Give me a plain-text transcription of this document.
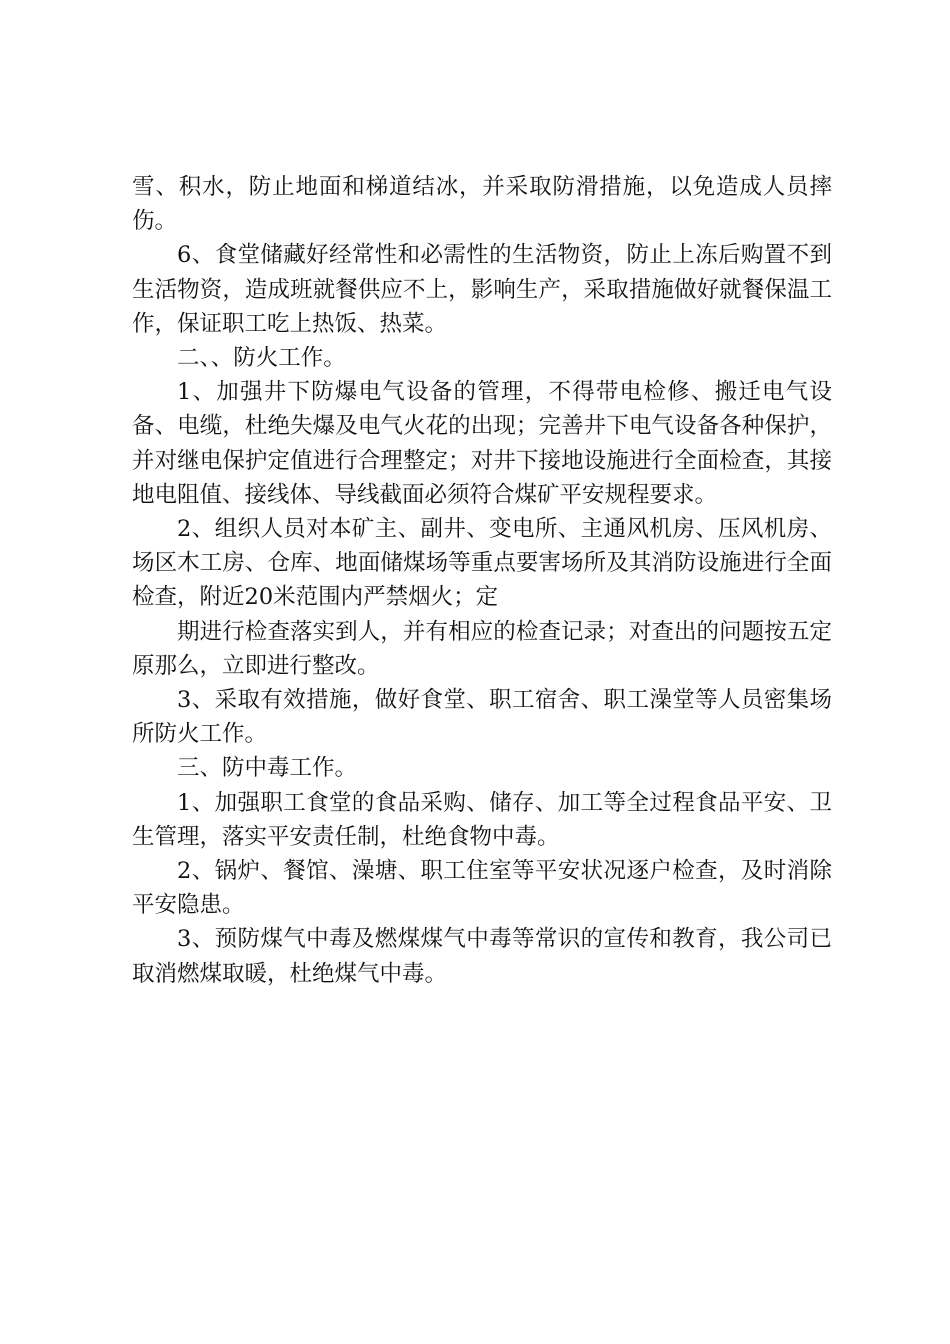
雪、积水，防止地面和梯道结冰，并采取防滑措施，以免造成人员摔伤。

6、食堂储藏好经常性和必需性的生活物资，防止上冻后购置不到生活物资，造成班就餐供应不上，影响生产，采取措施做好就餐保温工作，保证职工吃上热饭、热菜。

二、、防火工作。

1、加强井下防爆电气设备的管理，不得带电检修、搬迁电气设备、电缆，杜绝失爆及电气火花的出现；完善井下电气设备各种保护，并对继电保护定值进行合理整定；对井下接地设施进行全面检查，其接地电阻值、接线体、导线截面必须符合煤矿平安规程要求。

2、组织人员对本矿主、副井、变电所、主通风机房、压风机房、场区木工房、仓库、地面储煤场等重点要害场所及其消防设施进行全面检查，附近20米范围内严禁烟火；定

期进行检查落实到人，并有相应的检查记录；对查出的问题按五定原那么，立即进行整改。

3、采取有效措施，做好食堂、职工宿舍、职工澡堂等人员密集场所防火工作。

三、防中毒工作。

1、加强职工食堂的食品采购、储存、加工等全过程食品平安、卫生管理，落实平安责任制，杜绝食物中毒。

2、锅炉、餐馆、澡塘、职工住室等平安状况逐户检查，及时消除平安隐患。

3、预防煤气中毒及燃煤煤气中毒等常识的宣传和教育，我公司已取消燃煤取暖，杜绝煤气中毒。
